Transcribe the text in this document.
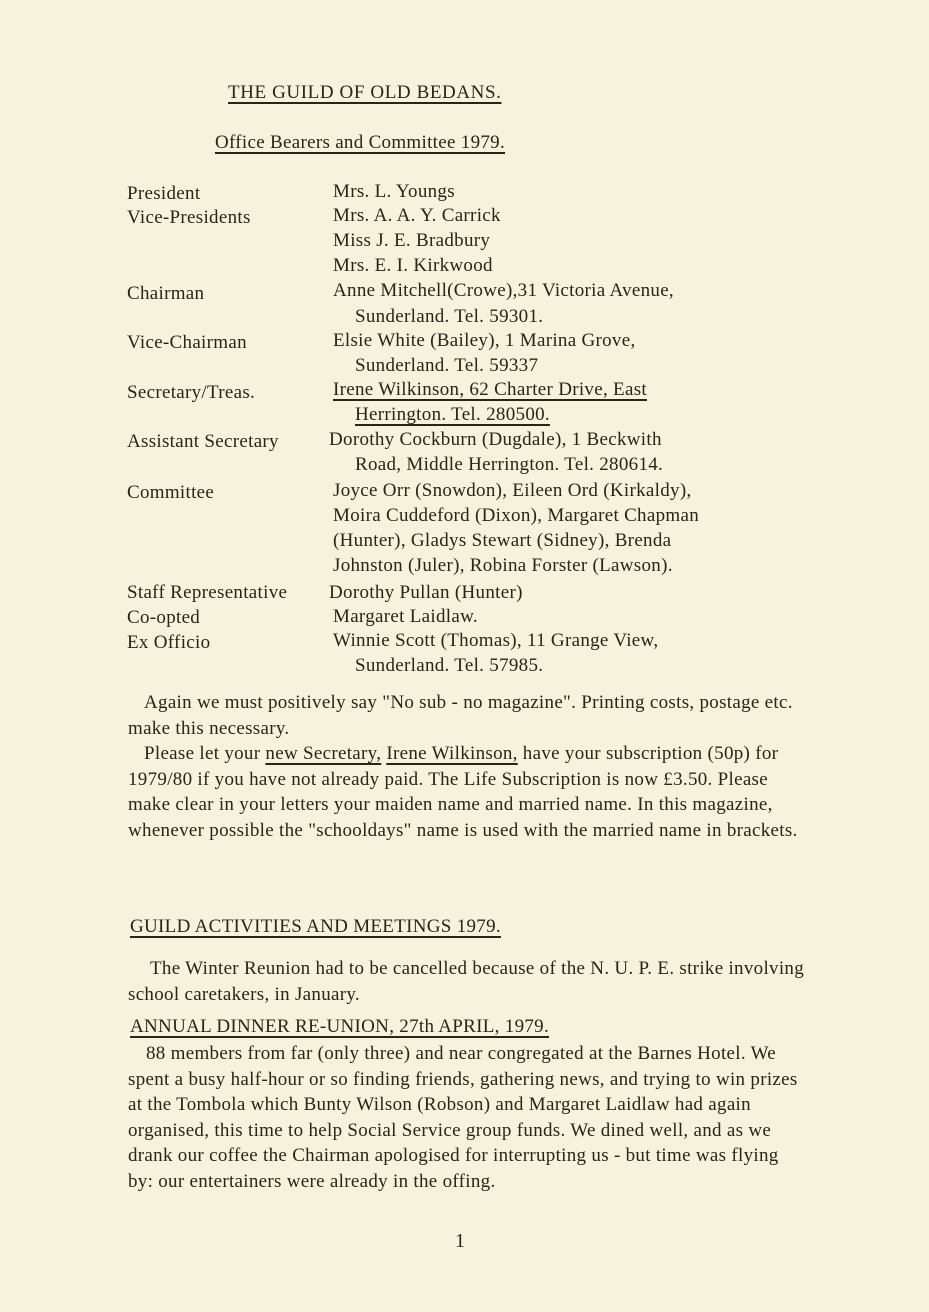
THE GUILD OF OLD BEDANS.
Office Bearers and Committee 1979.
President	Mrs. L. Youngs
Vice-Presidents	Mrs. A. A. Y. Carrick
Miss J. E. Bradbury
Mrs. E. I. Kirkwood
Chairman	Anne Mitchell(Crowe),31 Victoria Avenue,
Sunderland. Tel. 59301.
Vice-Chairman	Elsie White (Bailey), 1 Marina Grove,
Sunderland. Tel. 59337
Secretary/Treas.	Irene Wilkinson, 62 Charter Drive, East
Herrington. Tel. 280500.
Assistant Secretary	Dorothy Cockburn (Dugdale), 1 Beckwith
Road, Middle Herrington. Tel. 280614.
Committee	Joyce Orr (Snowdon), Eileen Ord (Kirkaldy),
Moira Cuddeford (Dixon), Margaret Chapman
(Hunter), Gladys Stewart (Sidney), Brenda
Johnston (Juler), Robina Forster (Lawson).
Staff Representative Dorothy Pullan (Hunter)
Co-opted	Margaret Laidlaw.
Ex Officio	Winnie Scott (Thomas), 11 Grange View,
Sunderland. Tel. 57985.

Again we must positively say "No sub - no magazine". Printing costs, postage etc. make this necessary.

Please let your new Secretary, Irene Wilkinson, have your subscription (50p) for 1979/80 if you have not already paid. The Life Subscription is now £3.50. Please make clear in your letters your maiden name and married name. In this magazine, whenever possible the "schooldays" name is used with the married name in brackets.

GUILD ACTIVITIES AND MEETINGS 1979.

The Winter Reunion had to be cancelled because of the N. U. P. E. strike involving school caretakers, in January.

ANNUAL DINNER RE-UNION, 27th APRIL, 1979.

88 members from far (only three) and near congregated at the Barnes Hotel. We spent a busy half-hour or so finding friends, gathering news, and trying to win prizes at the Tombola which Bunty Wilson (Robson) and Margaret Laidlaw had again organised, this time to help Social Service group funds. We dined well, and as we drank our coffee the Chairman apologised for interrupting us - but time was flying by: our entertainers were already in the offing.

1
